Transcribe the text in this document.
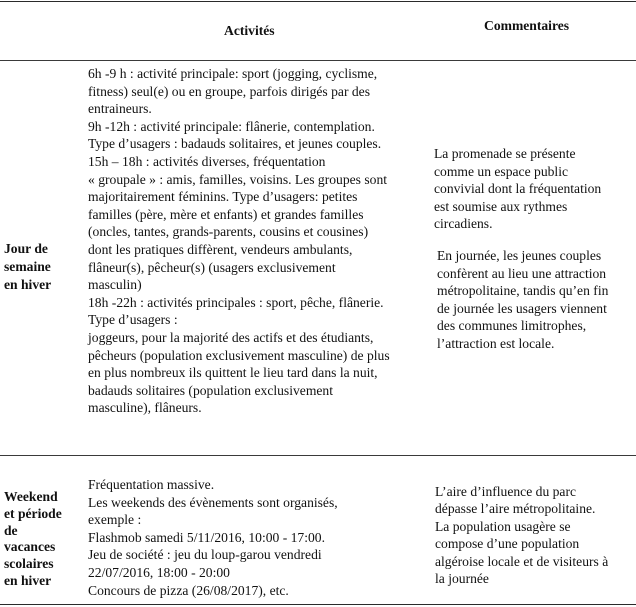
Activités	Commentaires
Jour de
semaine
en hiver
6h -9 h : activité principale: sport (jogging, cyclisme,
fitness) seul(e) ou en groupe, parfois dirigés par des
entraineurs.
9h -12h : activité principale: flânerie, contemplation.
Type d’usagers : badauds solitaires, et jeunes couples.
15h – 18h : activités diverses, fréquentation
« groupale » : amis, familles, voisins. Les groupes sont
majoritairement féminins. Type d’usagers: petites
familles (père, mère et enfants) et grandes familles
(oncles, tantes, grands-parents, cousins et cousines)
dont les pratiques diffèrent, vendeurs ambulants,
flâneur(s), pêcheur(s) (usagers exclusivement
masculin)
18h -22h : activités principales : sport, pêche, flânerie.
Type d’usagers :
joggeurs, pour la majorité des actifs et des étudiants,
pêcheurs (population exclusivement masculine) de plus
en plus nombreux ils quittent le lieu tard dans la nuit,
badauds solitaires (population exclusivement
masculine), flâneurs.
La promenade se présente
comme un espace public
convivial dont la fréquentation
est soumise aux rythmes
circadiens.
En journée, les jeunes couples
confèrent au lieu une attraction
métropolitaine, tandis qu’en fin
de journée les usagers viennent
des communes limitrophes,
l’attraction est locale.
Weekend
et période
de
vacances
scolaires
en hiver
Fréquentation massive.
Les weekends des évènements sont organisés,
exemple :
Flashmob samedi 5/11/2016, 10:00 - 17:00.
Jeu de société : jeu du loup-garou vendredi
22/07/2016, 18:00 - 20:00
Concours de pizza (26/08/2017), etc.
L’aire d’influence du parc
dépasse l’aire métropolitaine.
La population usagère se
compose d’une population
algéroise locale et de visiteurs à
la journée
